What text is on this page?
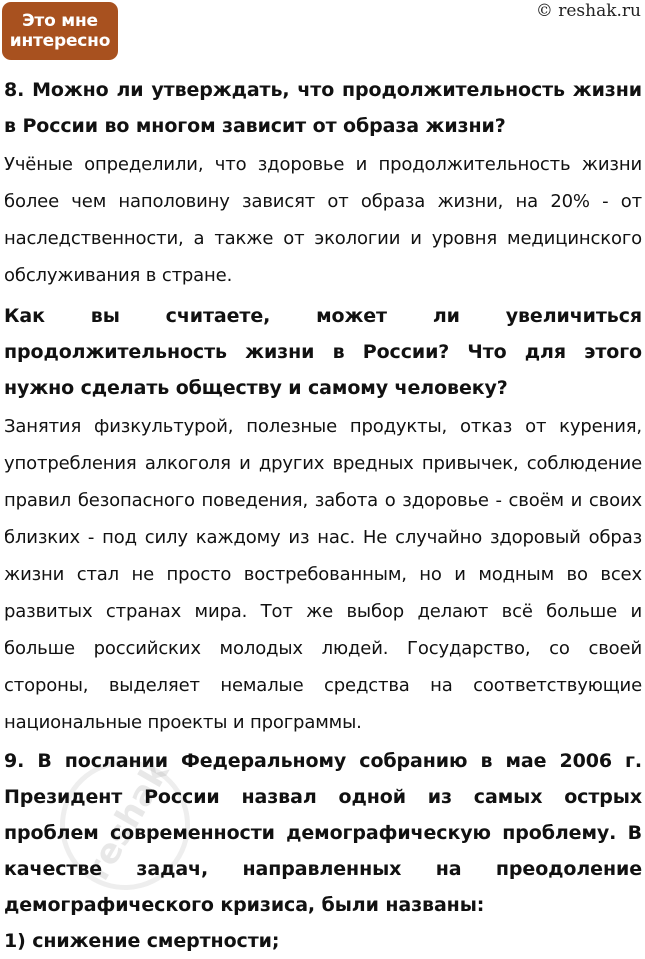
Это мне
интересно
© reshak.ru
reshak

8. Можно ли утверждать, что продолжительность жизни в России во многом зависит от образа жизни?

Учёные определили, что здоровье и продолжительность жизни более чем наполовину зависят от образа жизни, на 20% - от наследственности, а также от экологии и уровня медицинского обслуживания в стране.

Как вы считаете, может ли увеличиться продолжительность жизни в России? Что для этого нужно сделать обществу и самому человеку?

Занятия физкультурой, полезные продукты, отказ от курения, употребления алкоголя и других вредных привычек, соблюдение правил безопасного поведения, забота о здоровье - своём и своих близких - под силу каждому из нас. Не случайно здоровый образ жизни стал не просто востребованным, но и модным во всех развитых странах мира. Тот же выбор делают всё больше и больше российских молодых людей. Государство, со своей стороны, выделяет немалые средства на соответствующие национальные проекты и программы.

9. В послании Федеральному собранию в мае 2006 г. Президент России назвал одной из самых острых проблем современности демографическую проблему. В качестве задач, направленных на преодоление демографического кризиса, были названы:

1) снижение смертности;
